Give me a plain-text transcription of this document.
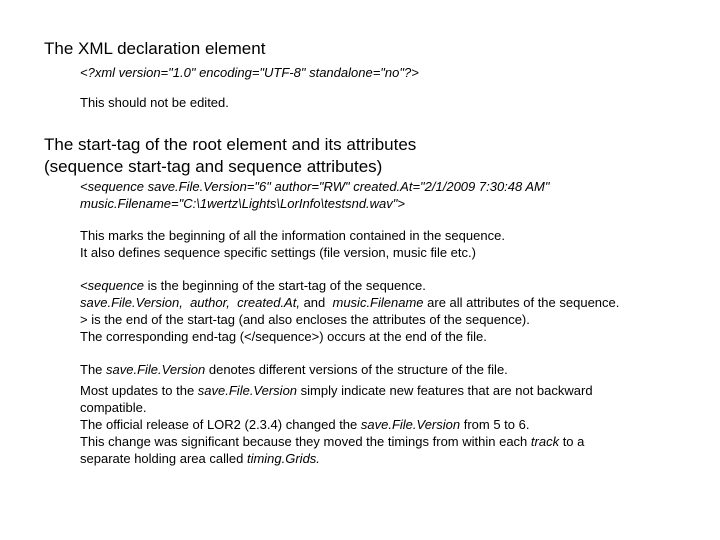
The XML declaration element
<?xml version="1.0" encoding="UTF-8" standalone="no"?>
This should not be edited.
The start-tag of the root element and its attributes
(sequence start-tag and sequence attributes)
<sequence save.File.Version="6" author="RW" created.At="2/1/2009 7:30:48 AM"
music.Filename="C:\1wertz\Lights\LorInfo\testsnd.wav">
This marks the beginning of all the information contained in the sequence.
It also defines sequence specific settings (file version, music file etc.)
<sequence is the beginning of the start-tag of the sequence.
save.File.Version, author, created.At, and  music.Filename are all attributes of the sequence.
> is the end of the start-tag (and also encloses the attributes of the sequence).
The corresponding end-tag (</sequence>) occurs at the end of the file.
The save.File.Version denotes different versions of the structure of the file.
Most updates to the save.File.Version simply indicate new features that are not backward
compatible.
The official release of LOR2 (2.3.4) changed the save.File.Version from 5 to 6.
This change was significant because they moved the timings from within each track to a
separate holding area called timing.Grids.
